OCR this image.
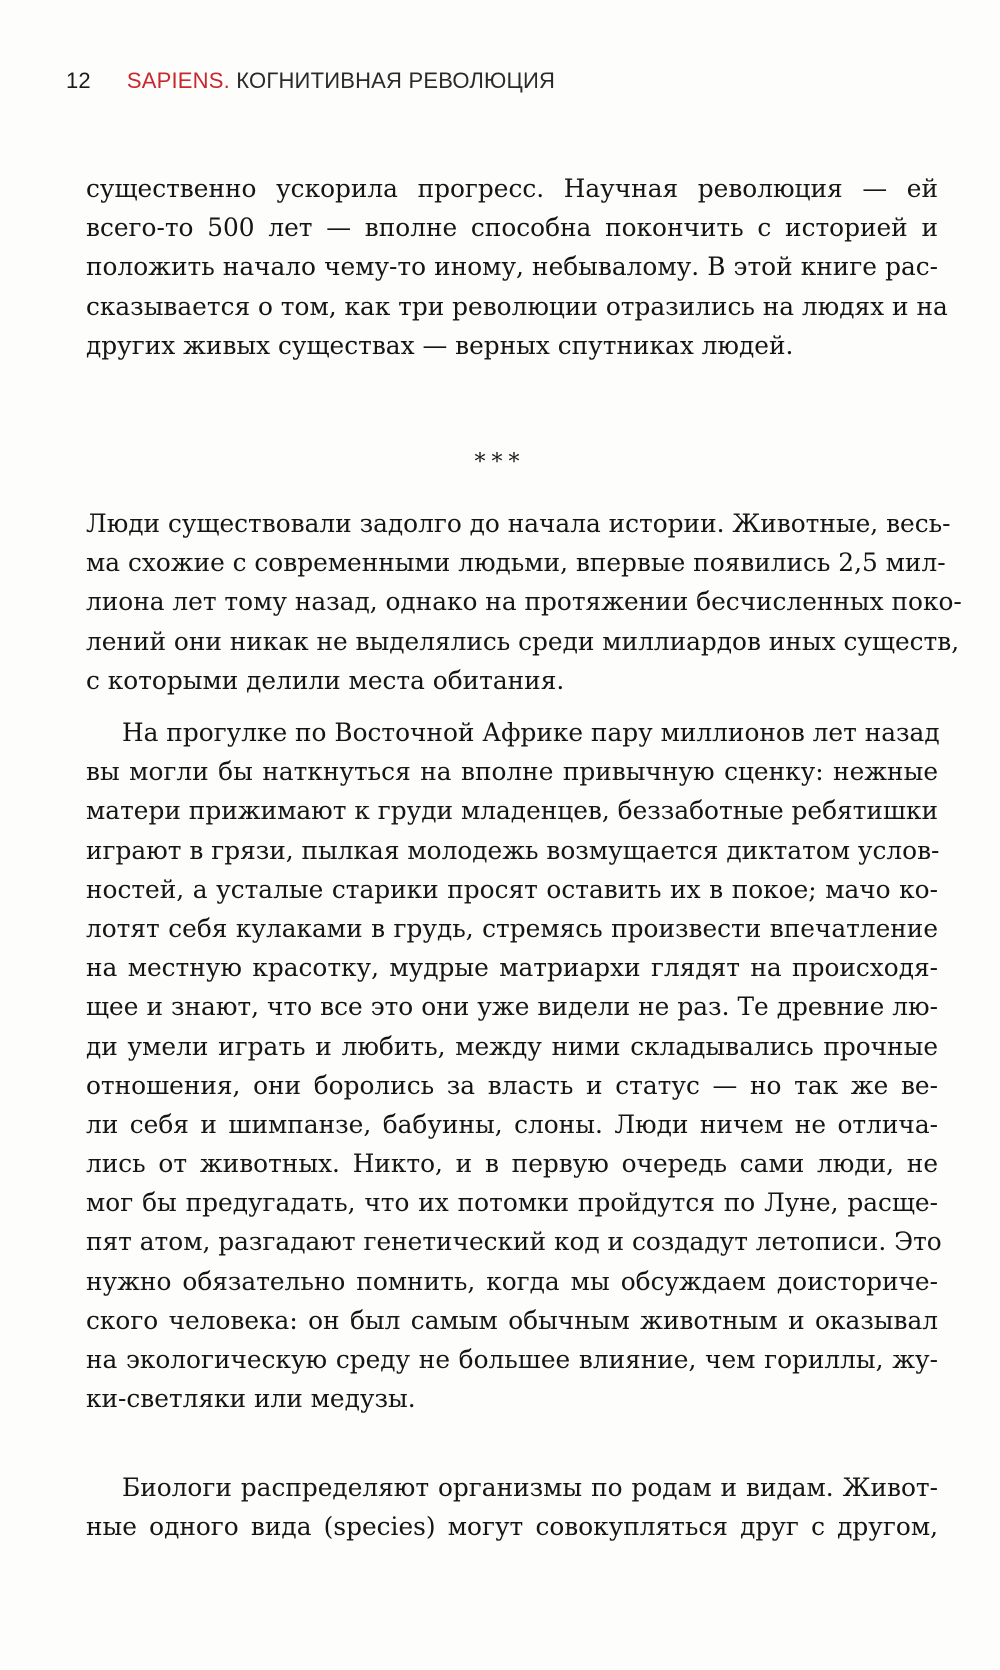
12 SAPIENS. КОГНИТИВНАЯ РЕВОЛЮЦИЯ
существенно ускорила прогресс. Научная революция — ей
всего-то 500 лет — вполне способна покончить с историей и
положить начало чему-то иному, небывалому. В этой книге рас-
сказывается о том, как три революции отразились на людях и на
других живых существах — верных спутниках людей.
***
Люди существовали задолго до начала истории. Животные, весь-
ма схожие с современными людьми, впервые появились 2,5 мил-
лиона лет тому назад, однако на протяжении бесчисленных поко-
лений они никак не выделялись среди миллиардов иных существ,
с которыми делили места обитания.
На прогулке по Восточной Африке пару миллионов лет назад
вы могли бы наткнуться на вполне привычную сценку: нежные
матери прижимают к груди младенцев, беззаботные ребятишки
играют в грязи, пылкая молодежь возмущается диктатом услов-
ностей, а усталые старики просят оставить их в покое; мачо ко-
лотят себя кулаками в грудь, стремясь произвести впечатление
на местную красотку, мудрые матриархи глядят на происходя-
щее и знают, что все это они уже видели не раз. Те древние лю-
ди умели играть и любить, между ними складывались прочные
отношения, они боролись за власть и статус — но так же ве-
ли себя и шимпанзе, бабуины, слоны. Люди ничем не отлича-
лись от животных. Никто, и в первую очередь сами люди, не
мог бы предугадать, что их потомки пройдутся по Луне, расще-
пят атом, разгадают генетический код и создадут летописи. Это
нужно обязательно помнить, когда мы обсуждаем доисториче-
ского человека: он был самым обычным животным и оказывал
на экологическую среду не большее влияние, чем гориллы, жу-
ки-светляки или медузы.
Биологи распределяют организмы по родам и видам. Живот-
ные одного вида (species) могут совокупляться друг с другом,
